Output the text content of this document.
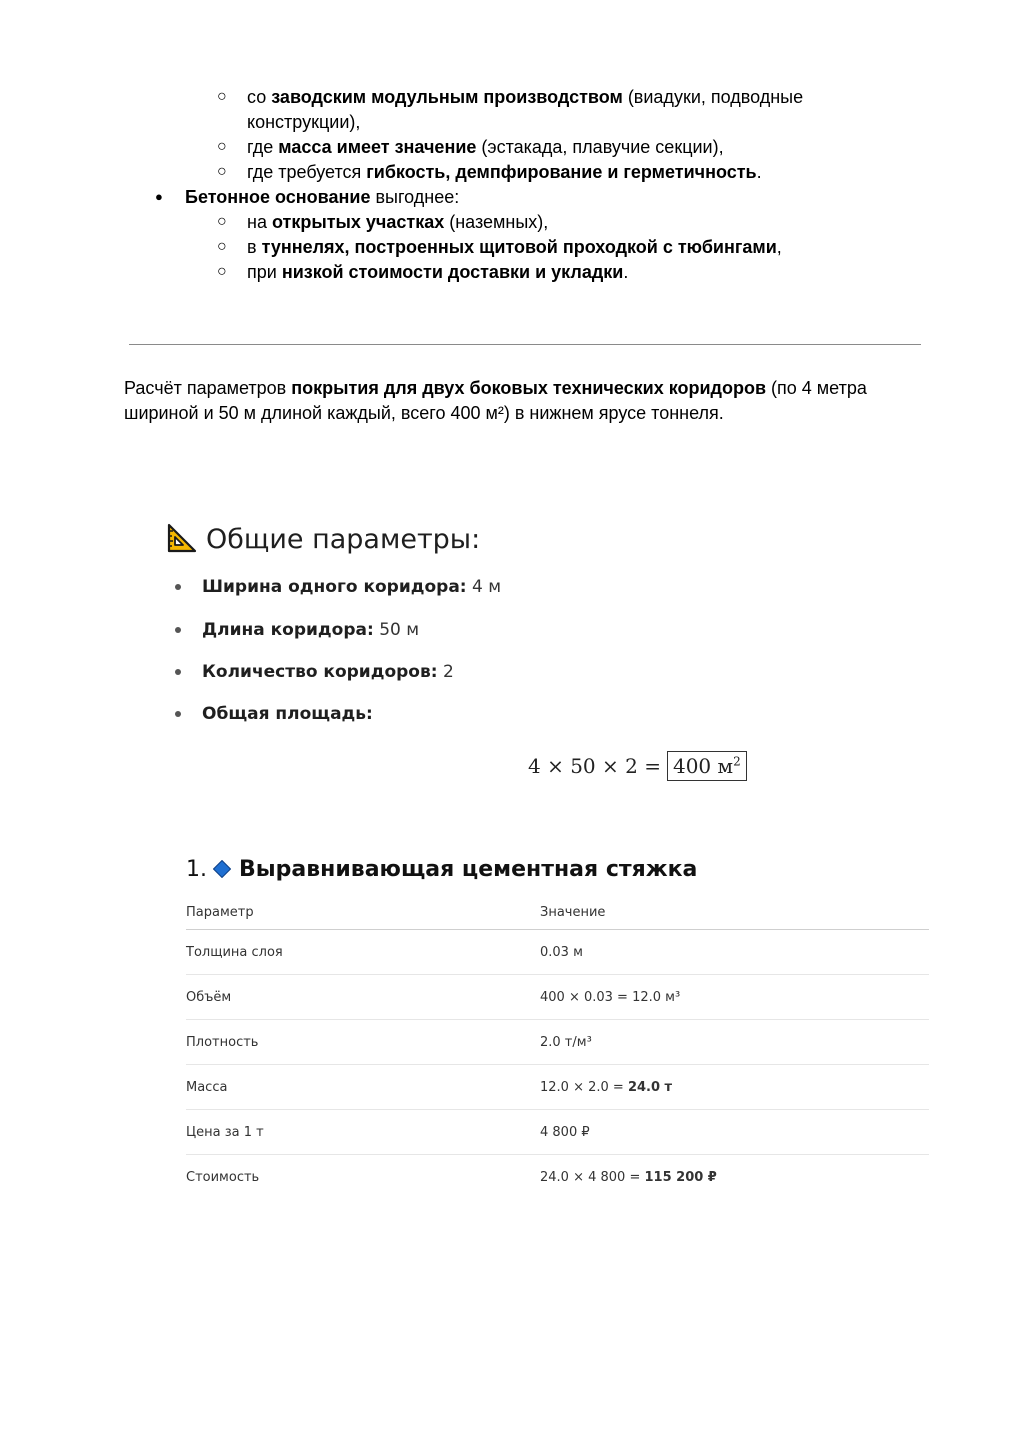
○ со заводским модульным производством (виадуки, подводные
конструкции),
○ где масса имеет значение (эстакада, плавучие секции),
○ где требуется гибкость, демпфирование и герметичность.
● Бетонное основание выгоднее:
○ на открытых участках (наземных),
○ в туннелях, построенных щитовой проходкой с тюбингами,
○ при низкой стоимости доставки и укладки.
Расчёт параметров покрытия для двух боковых технических коридоров (по 4 метра
шириной и 50 м длиной каждый, всего 400 м²) в нижнем ярусе тоннеля.
Общие параметры:
Ширина одного коридора: 4 м
Длина коридора: 50 м
Количество коридоров: 2
Общая площадь:
4 × 50 × 2 = 400 $м^2$
1. Выравнивающая цементная стяжка
Параметр	Значение
Толщина слоя	0.03 м
Объём	400 × 0.03 = 12.0 м³
Плотность	2.0 т/м³
Масса	12.0 × 2.0 = 24.0 т
Цена за 1 т	4 800 ₽
Стоимость	24.0 × 4 800 = 115 200 ₽
